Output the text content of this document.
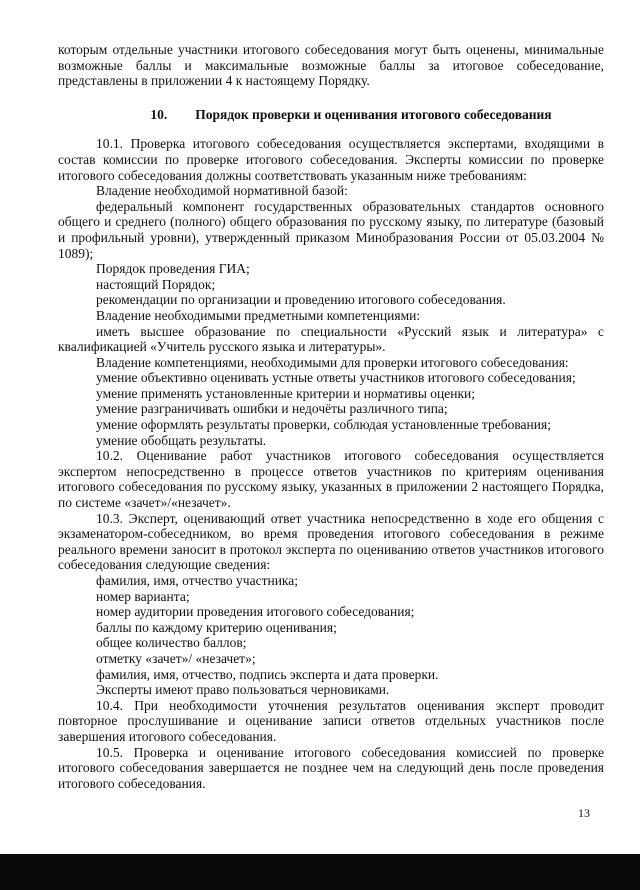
которым отдельные участники итогового собеседования могут быть оценены, минимальные возможные баллы и максимальные возможные баллы за итоговое собеседование, представлены в приложении 4 к настоящему Порядку.

10. Порядок проверки и оценивания итогового собеседования

10.1. Проверка итогового собеседования осуществляется экспертами, входящими в состав комиссии по проверке итогового собеседования. Эксперты комиссии по проверке итогового собеседования должны соответствовать указанным ниже требованиям:

Владение необходимой нормативной базой:

федеральный компонент государственных образовательных стандартов основного общего и среднего (полного) общего образования по русскому языку, по литературе (базовый и профильный уровни), утвержденный приказом Минобразования России от 05.03.2004 № 1089);

Порядок проведения ГИА;

настоящий Порядок;

рекомендации по организации и проведению итогового собеседования.

Владение необходимыми предметными компетенциями:

иметь высшее образование по специальности «Русский язык и литература» с квалификацией «Учитель русского языка и литературы».

Владение компетенциями, необходимыми для проверки итогового собеседования:

умение объективно оценивать устные ответы участников итогового собеседования;

умение применять установленные критерии и нормативы оценки;

умение разграничивать ошибки и недочёты различного типа;

умение оформлять результаты проверки, соблюдая установленные требования;

умение обобщать результаты.

10.2. Оценивание работ участников итогового собеседования осуществляется экспертом непосредственно в процессе ответов участников по критериям оценивания итогового собеседования по русскому языку, указанных в приложении 2 настоящего Порядка, по системе «зачет»/«незачет».

10.3. Эксперт, оценивающий ответ участника непосредственно в ходе его общения с экзаменатором-собеседником, во время проведения итогового собеседования в режиме реального времени заносит в протокол эксперта по оцениванию ответов участников итогового собеседования следующие сведения:

фамилия, имя, отчество участника;

номер варианта;

номер аудитории проведения итогового собеседования;

баллы по каждому критерию оценивания;

общее количество баллов;

отметку «зачет»/ «незачет»;

фамилия, имя, отчество, подпись эксперта и дата проверки.

Эксперты имеют право пользоваться черновиками.

10.4. При необходимости уточнения результатов оценивания эксперт проводит повторное прослушивание и оценивание записи ответов отдельных участников после завершения итогового собеседования.

10.5. Проверка и оценивание итогового собеседования комиссией по проверке итогового собеседования завершается не позднее чем на следующий день после проведения итогового собеседования.

13
